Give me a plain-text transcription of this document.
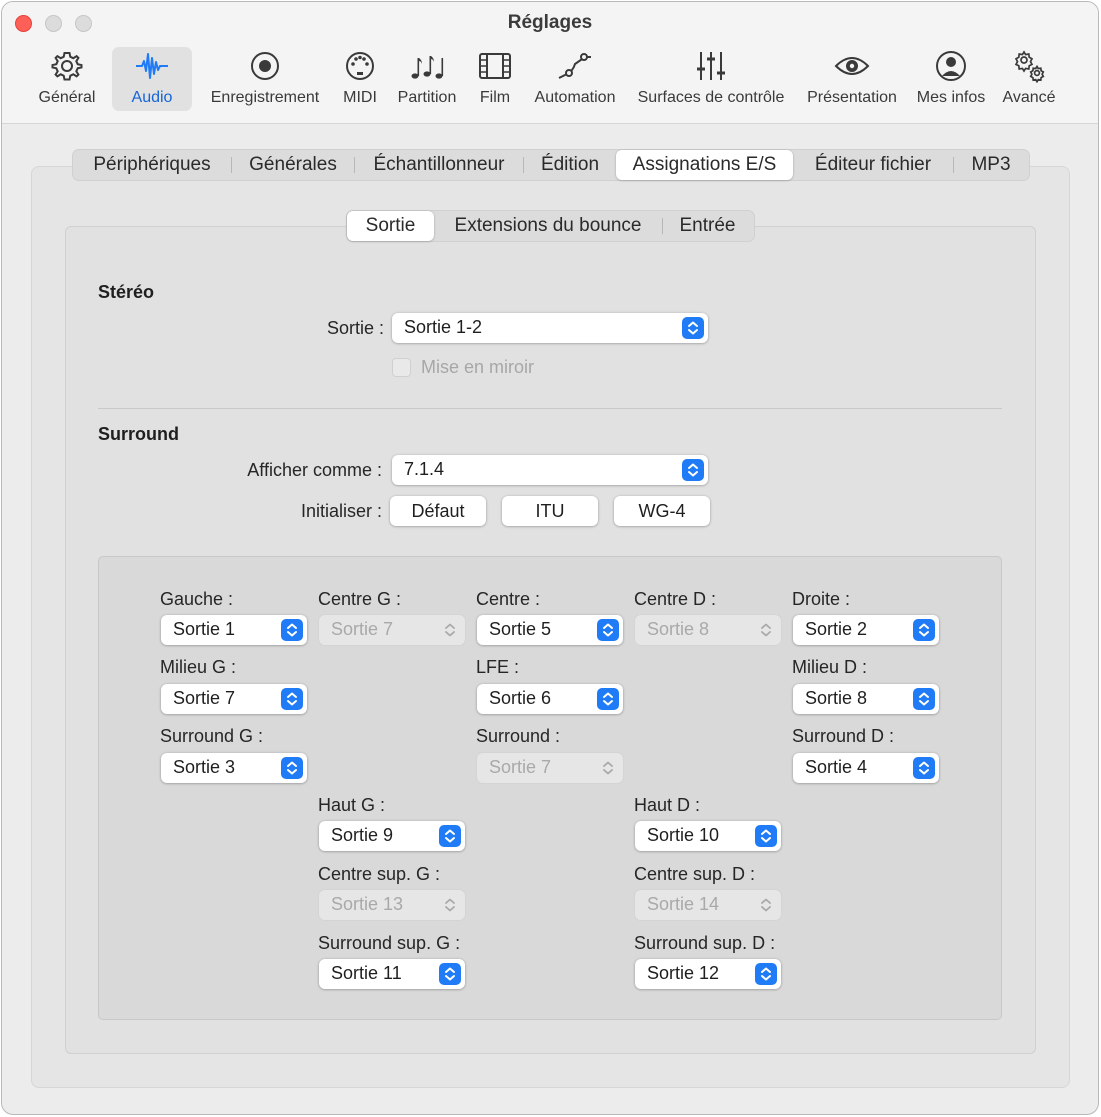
Réglages
Général	Audio	Enregistrement	MIDI	Partition	Film	Automation	Surfaces de contrôle	Présentation	Mes infos Avancé
Périphériques	Générales	Échantillonneur	Édition	Assignations E/S	Éditeur fichier	MP3
Sortie	Extensions du bounce	Entrée
Stéréo
Sortie : Sortie 1-2
Mise en miroir
Surround
Afficher comme : 7.1.4
Initialiser :	Défaut	ITU	WG-4
Gauche :
Sortie 1
Centre G :
Sortie 7
Centre :
Sortie 5
Centre D :
Sortie 8
Droite :
Sortie 2
Milieu G :
Sortie 7
LFE :
Sortie 6
Milieu D :
Sortie 8
Surround G :
Sortie 3
Surround :
Sortie 7
Surround D :
Sortie 4
Haut G :
Sortie 9
Haut D :
Sortie 10
Centre sup. G :
Sortie 13
Centre sup. D :
Sortie 14
Surround sup. G :
Sortie 11
Surround sup. D :
Sortie 12
